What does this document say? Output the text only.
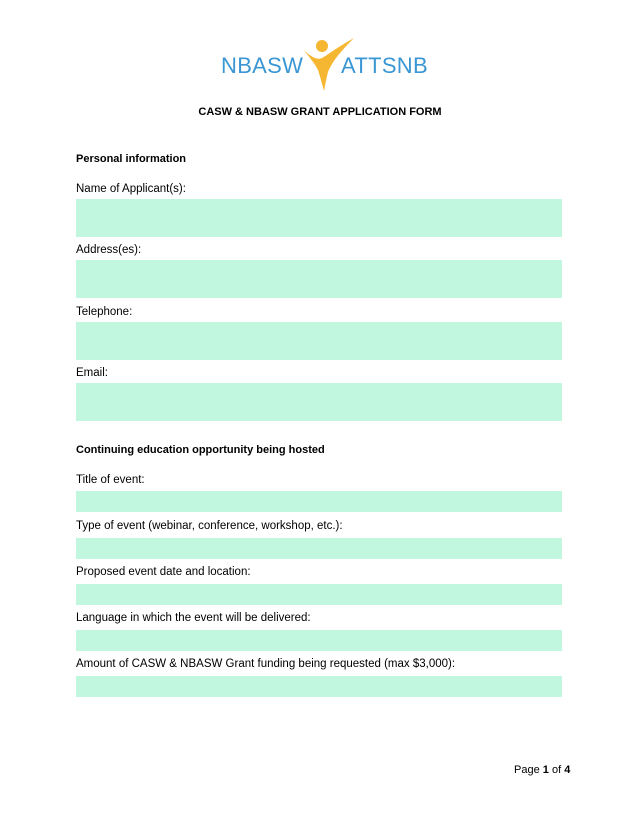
NBASW ATTSNB
CASW & NBASW GRANT APPLICATION FORM
Personal information
Name of Applicant(s):
Address(es):
Telephone:
Email:
Continuing education opportunity being hosted
Title of event:
Type of event (webinar, conference, workshop, etc.):
Proposed event date and location:
Language in which the event will be delivered:
Amount of CASW & NBASW Grant funding being requested (max $3,000):
Page 1 of 4
